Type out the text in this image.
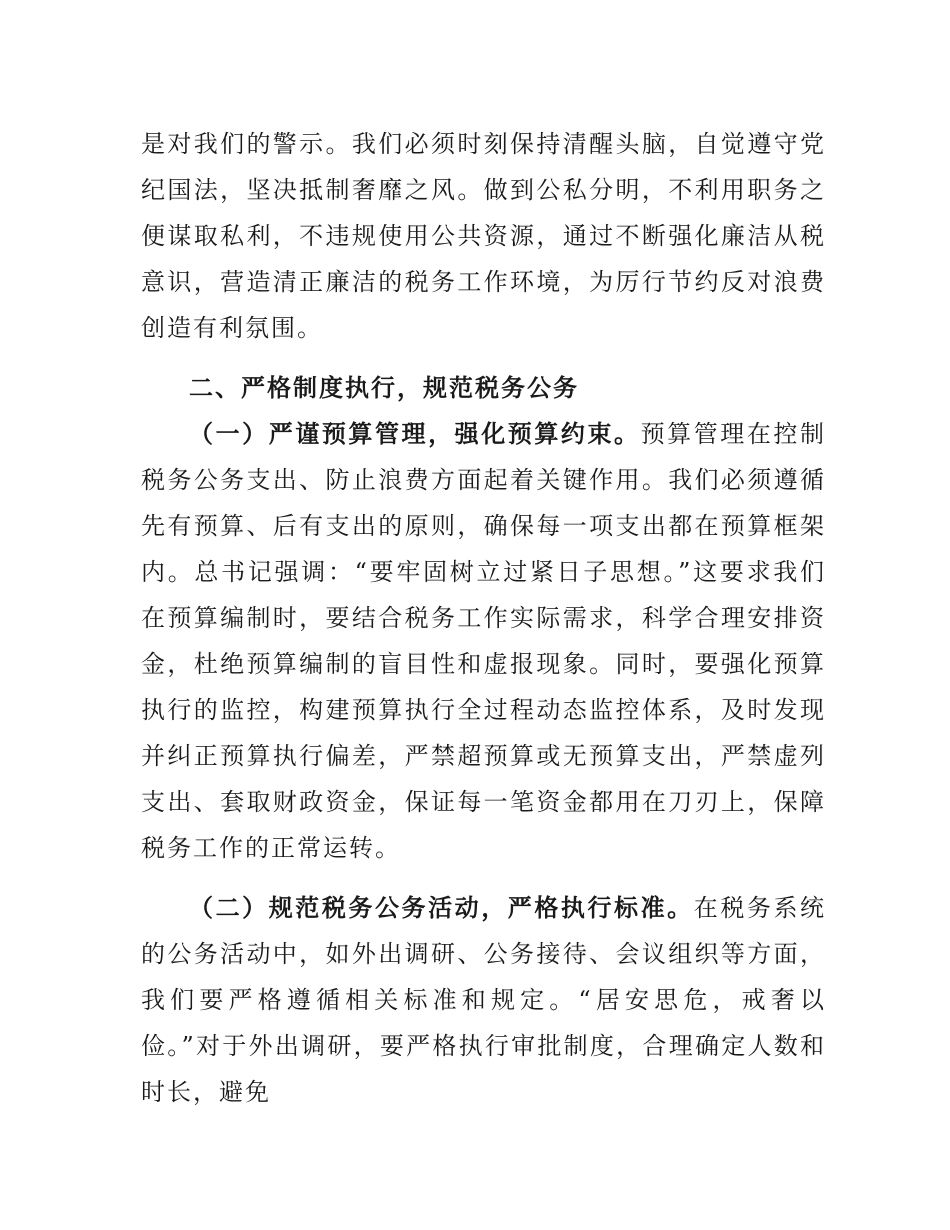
是对我们的警示。我们必须时刻保持清醒头脑，自觉遵守党纪国法，坚决抵制奢靡之风。做到公私分明，不利用职务之便谋取私利，不违规使用公共资源，通过不断强化廉洁从税意识，营造清正廉洁的税务工作环境，为厉行节约反对浪费创造有利氛围。

二、严格制度执行，规范税务公务

（一）严谨预算管理，强化预算约束。预算管理在控制税务公务支出、防止浪费方面起着关键作用。我们必须遵循先有预算、后有支出的原则，确保每一项支出都在预算框架内。总书记强调：“要牢固树立过紧日子思想。”这要求我们在预算编制时，要结合税务工作实际需求，科学合理安排资金，杜绝预算编制的盲目性和虚报现象。同时，要强化预算执行的监控，构建预算执行全过程动态监控体系，及时发现并纠正预算执行偏差，严禁超预算或无预算支出，严禁虚列支出、套取财政资金，保证每一笔资金都用在刀刃上，保障税务工作的正常运转。

（二）规范税务公务活动，严格执行标准。在税务系统的公务活动中，如外出调研、公务接待、会议组织等方面，我们要严格遵循相关标准和规定。“居安思危，戒奢以俭。”对于外出调研，要严格执行审批制度，合理确定人数和时长，避免
